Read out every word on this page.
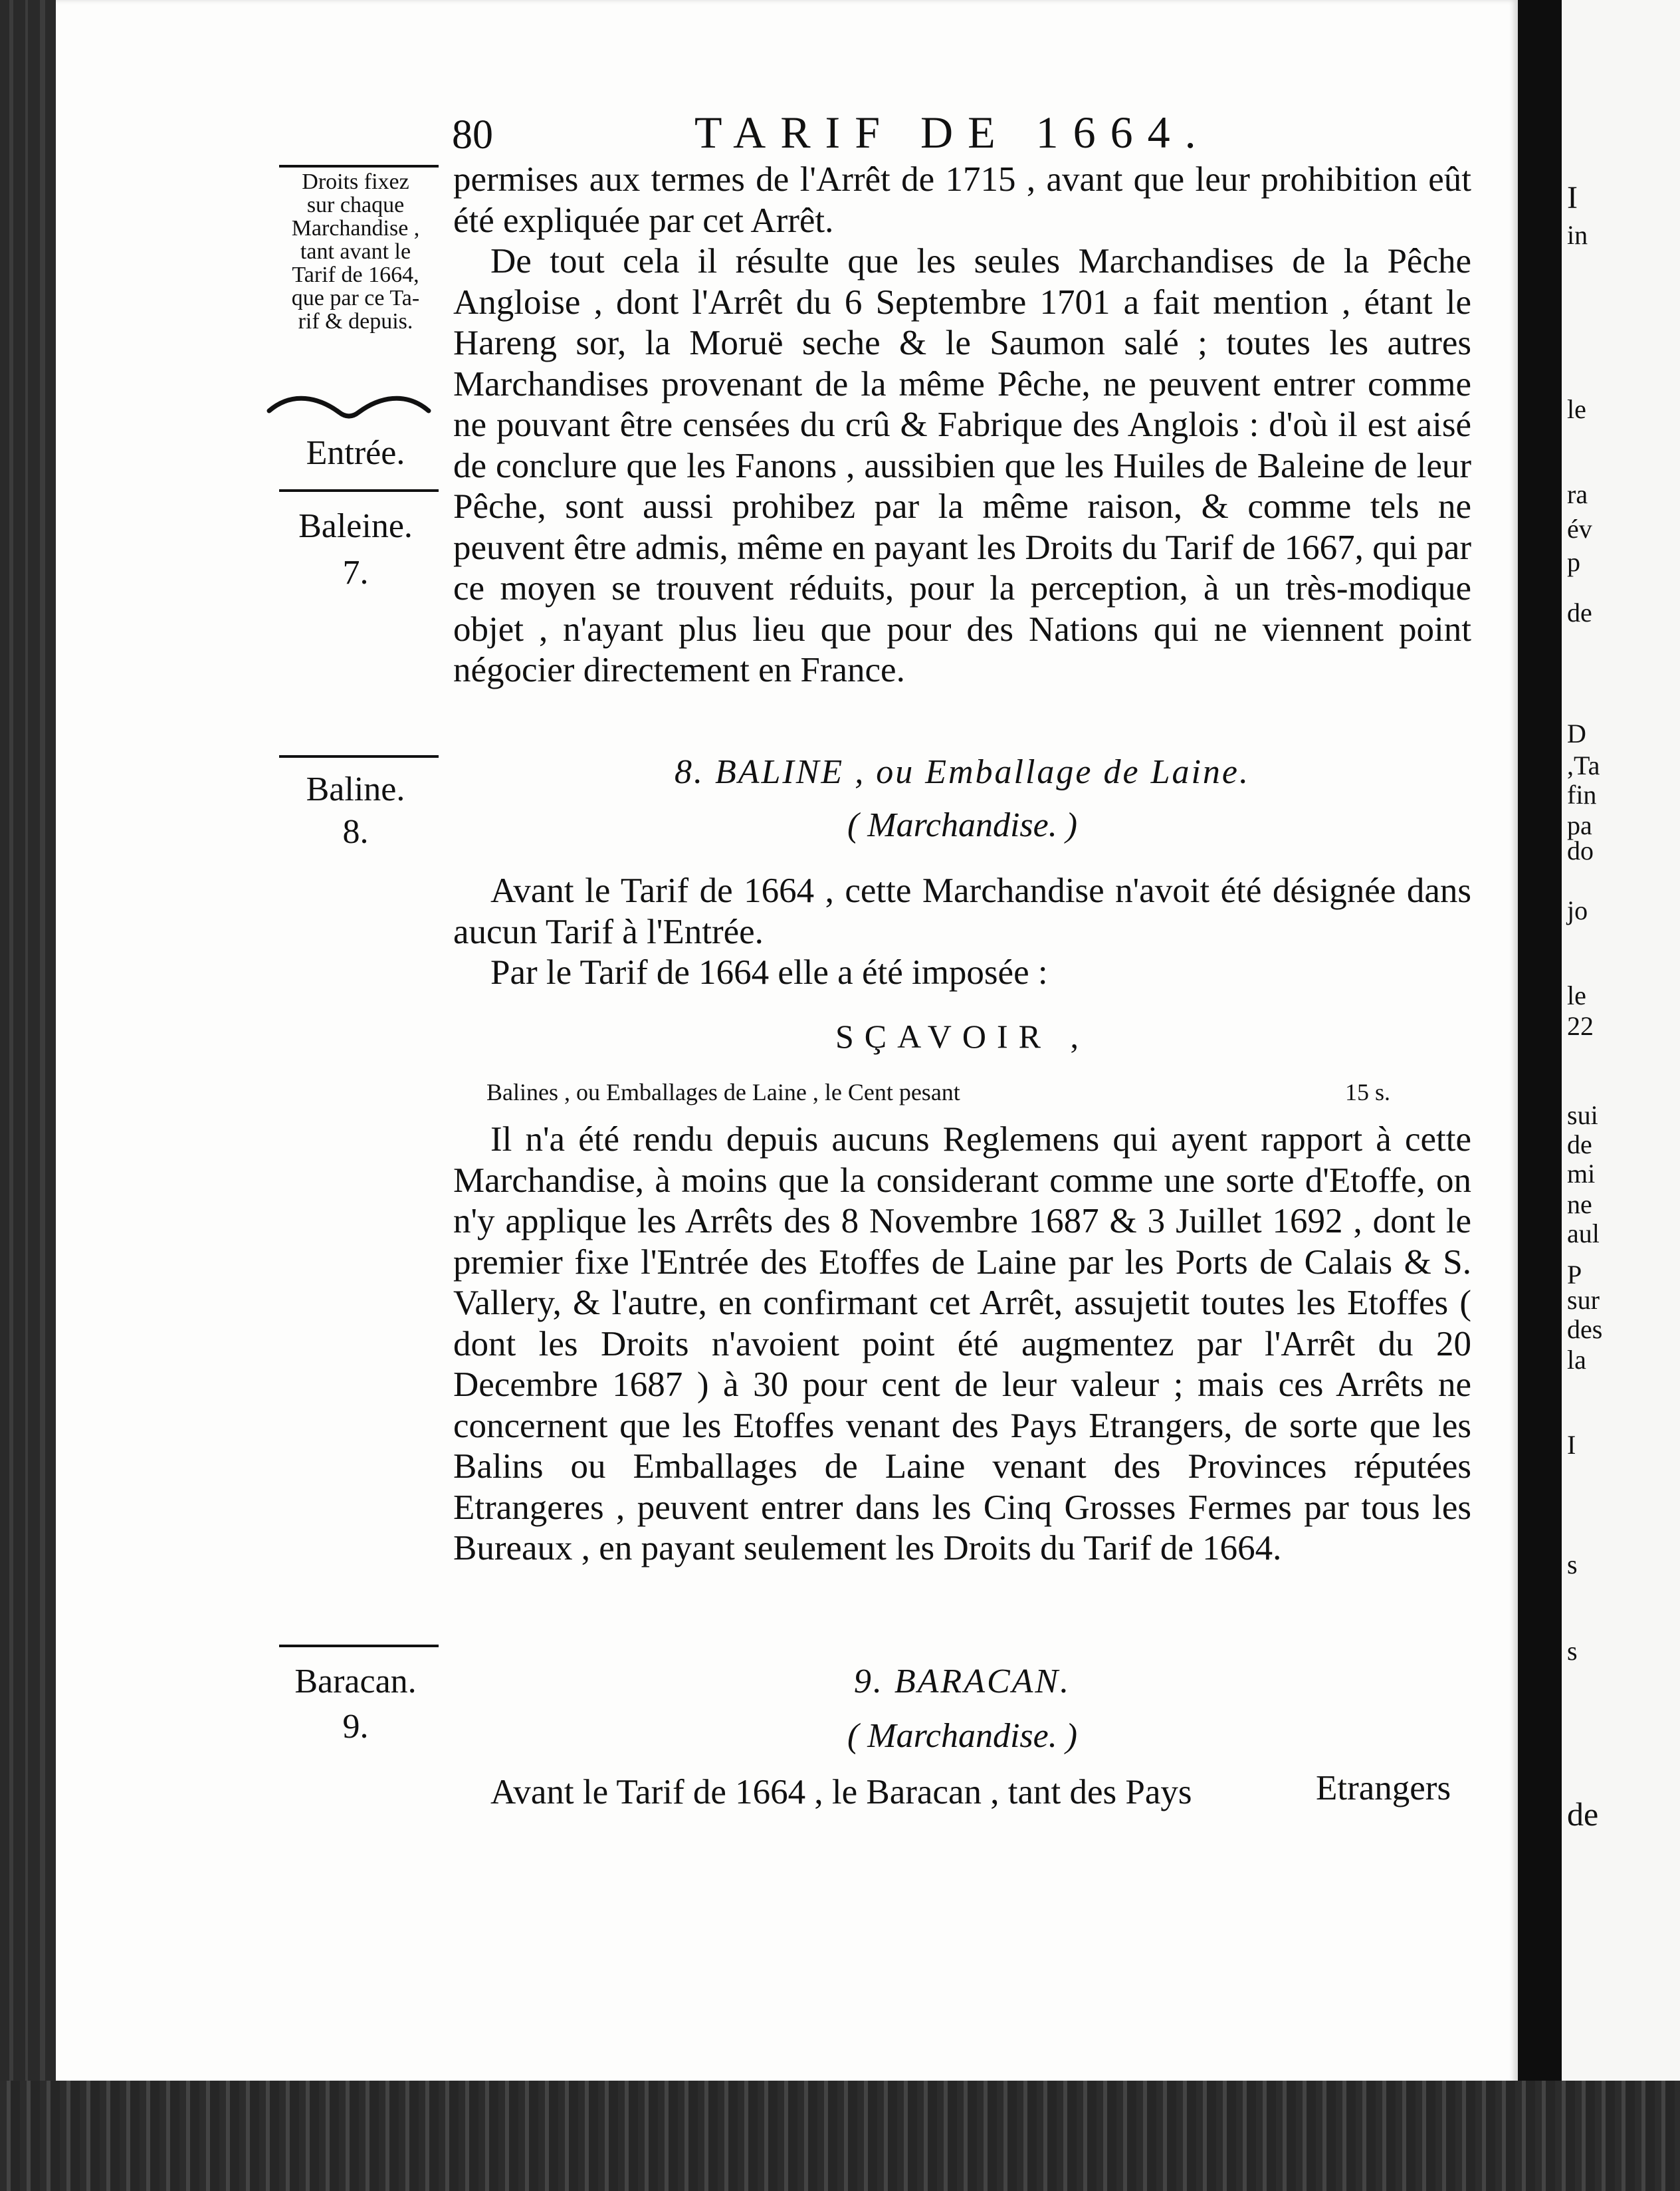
80	TARIF DE 1664.
Droits fixez
sur chaque
Marchandise ,
tant avant le
Tarif de 1664,
que par ce Ta-
rif & depuis.
Entrée.
Baleine.
7.
Baline.
8.
Baracan.
9.

permises aux termes de l'Arrêt de 1715 , avant que leur prohibition eût été expliquée par cet Arrêt.

De tout cela il résulte que les seules Marchandises de la Pêche Angloise , dont l'Arrêt du 6 Septembre 1701 a fait mention , étant le Hareng sor, la Moruë seche & le Saumon salé ; toutes les autres Marchandises provenant de la même Pêche, ne peuvent entrer comme ne pouvant être censées du crû & Fabrique des Anglois : d'où il est aisé de conclure que les Fanons , aussibien que les Huiles de Baleine de leur Pêche, sont aussi prohibez par la même raison, & comme tels ne peuvent être admis, même en payant les Droits du Tarif de 1667, qui par ce moyen se trouvent réduits, pour la perception, à un très-modique objet , n'ayant plus lieu que pour des Nations qui ne viennent point négocier directement en France.

8. BALINE , ou Emballage de Laine.
( Marchandise. )

Avant le Tarif de 1664 , cette Marchandise n'avoit été désignée dans aucun Tarif à l'Entrée.

Par le Tarif de 1664 elle a été imposée :

SÇAVOIR ,
Balines , ou Emballages de Laine , le Cent pesant	15 s.

Il n'a été rendu depuis aucuns Reglemens qui ayent rapport à cette Marchandise, à moins que la considerant comme une sorte d'Etoffe, on n'y applique les Arrêts des 8 Novembre 1687 & 3 Juillet 1692 , dont le premier fixe l'Entrée des Etoffes de Laine par les Ports de Calais & S. Vallery, & l'autre, en confirmant cet Arrêt, assujetit toutes les Etoffes ( dont les Droits n'avoient point été augmentez par l'Arrêt du 20 Decembre 1687 ) à 30 pour cent de leur valeur ; mais ces Arrêts ne concernent que les Etoffes venant des Pays Etrangers, de sorte que les Balins ou Emballages de Laine venant des Provinces réputées Etrangeres , peuvent entrer dans les Cinq Grosses Fermes par tous les Bureaux , en payant seulement les Droits du Tarif de 1664.

9. BARACAN.
( Marchandise. )

Avant le Tarif de 1664 , le Baracan , tant des Pays	Etrangers
I
in
le
ra
év
p
de
D
,Ta
fin
pa
do
jo
le
22
sui
de
mi
ne
aul
P
sur
des
la
I
s
s
de
